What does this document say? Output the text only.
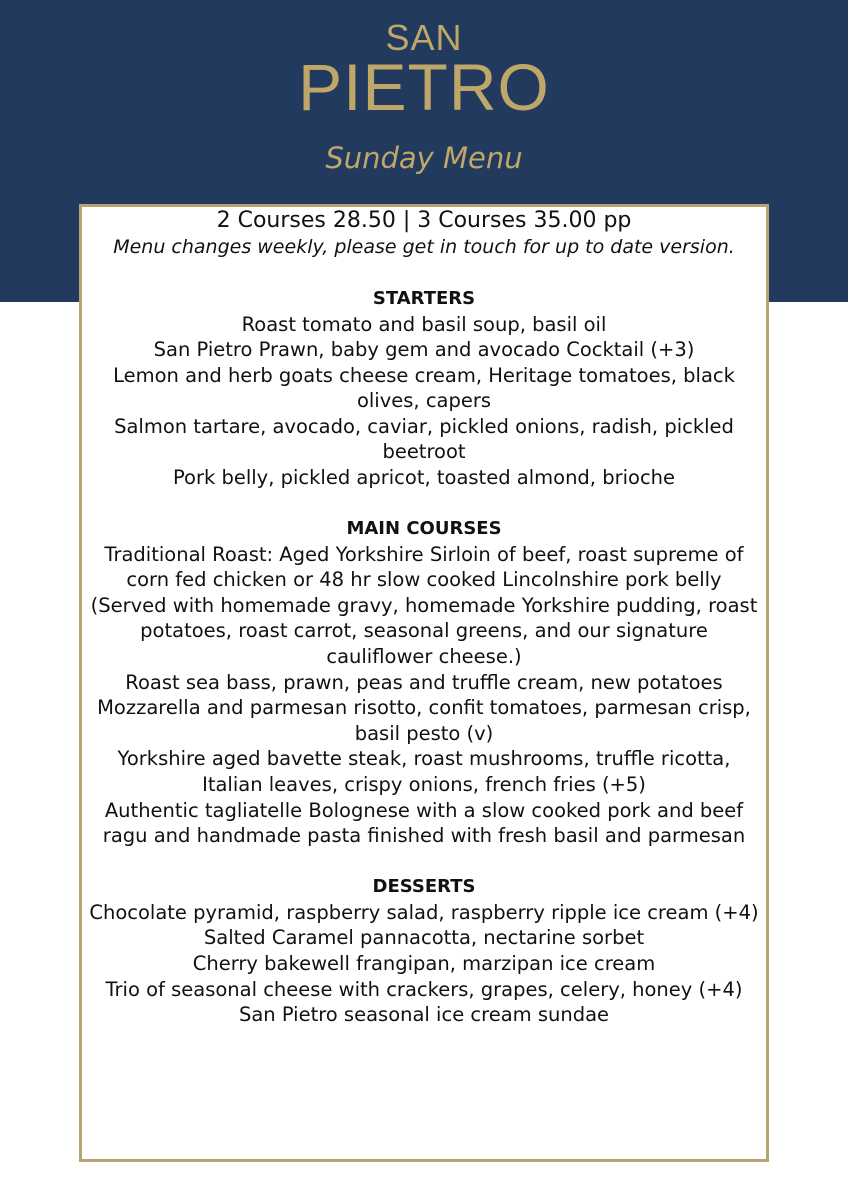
SAN
PIETRO
Sunday Menu

2 Courses 28.50 | 3 Courses 35.00 pp

Menu changes weekly, please get in touch for up to date version.

STARTERS

Roast tomato and basil soup, basil oil

San Pietro Prawn, baby gem and avocado Cocktail (+3)

Lemon and herb goats cheese cream, Heritage tomatoes, black olives, capers

Salmon tartare, avocado, caviar, pickled onions, radish, pickled beetroot

Pork belly, pickled apricot, toasted almond, brioche

MAIN COURSES

Traditional Roast: Aged Yorkshire Sirloin of beef, roast supreme of corn fed chicken or 48 hr slow cooked Lincolnshire pork belly (Served with homemade gravy, homemade Yorkshire pudding, roast potatoes, roast carrot, seasonal greens, and our signature cauliflower cheese.)

Roast sea bass, prawn, peas and truffle cream, new potatoes

Mozzarella and parmesan risotto, confit tomatoes, parmesan crisp, basil pesto (v)

Yorkshire aged bavette steak, roast mushrooms, truffle ricotta, Italian leaves, crispy onions, french fries (+5)

Authentic tagliatelle Bolognese with a slow cooked pork and beef ragu and handmade pasta finished with fresh basil and parmesan

DESSERTS

Chocolate pyramid, raspberry salad, raspberry ripple ice cream (+4)

Salted Caramel pannacotta, nectarine sorbet

Cherry bakewell frangipan, marzipan ice cream

Trio of seasonal cheese with crackers, grapes, celery, honey (+4)

San Pietro seasonal ice cream sundae
